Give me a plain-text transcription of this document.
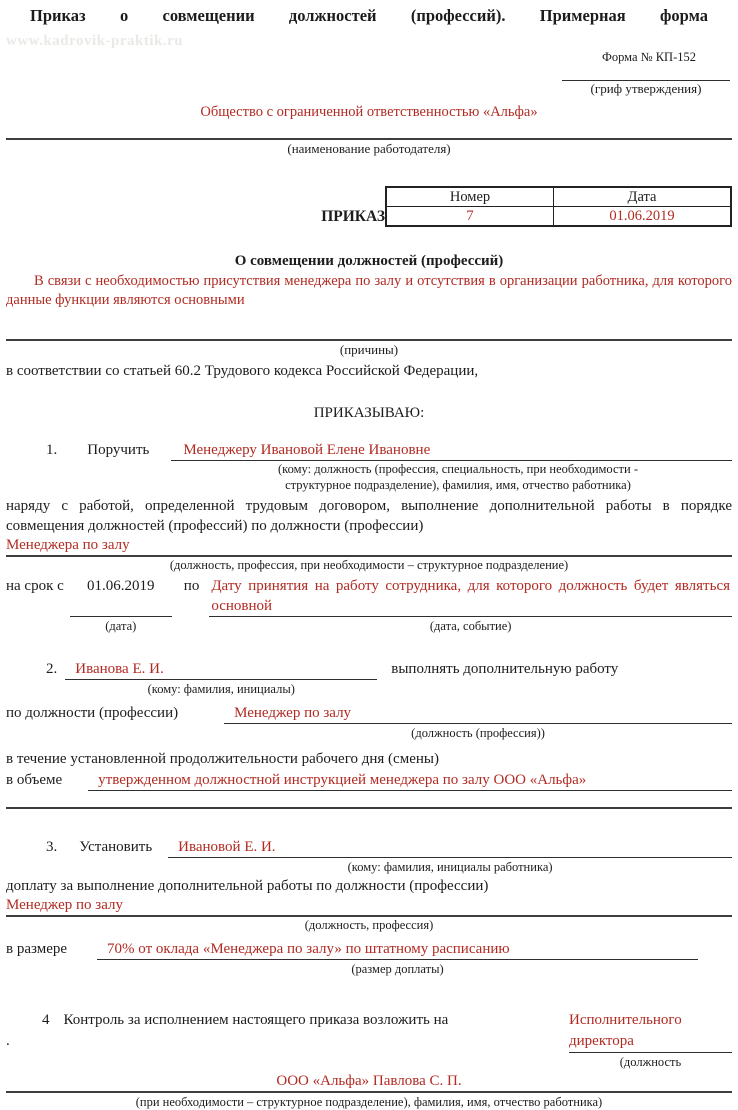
Приказ о совмещении должностей (профессий). Примерная форма
www.kadrovik-praktik.ru
Форма № КП-152
(гриф утверждения)
Общество с ограниченной ответственностью «Альфа»
(наименование работодателя)
ПРИКАЗ
Номер	Дата
7	01.06.2019
О совмещении должностей (профессий)
В связи с необходимостью присутствия менеджера по залу и отсутствия в организации работника, для которого данные функции являются основными
(причины)
в соответствии со статьей 60.2 Трудового кодекса Российской Федерации,
ПРИКАЗЫВАЮ:
1. Поручить	Менеджеру Ивановой Елене Ивановне
(кому: должность (профессия, специальность, при необходимости -
структурное подразделение), фамилия, имя, отчество работника)
наряду с работой, определенной трудовым договором, выполнение дополнительной работы в порядке совмещения должностей (профессий) по должности (профессии)
Менеджера по залу
(должность, профессия, при необходимости – структурное подразделение)
на срок с	01.06.2019
(дата)
по Дату принятия на работу сотрудника, для которого должность будет являться основной
(дата, событие)
2.	Иванова Е. И.
(кому: фамилия, инициалы)
выполнять дополнительную работу
по должности (профессии)	Менеджер по залу
(должность (профессия))
в течение установленной продолжительности рабочего дня (смены)
в объеме	утвержденном должностной инструкцией менеджера по залу ООО «Альфа»
3. Установить	Ивановой Е. И.
(кому: фамилия, инициалы работника)
доплату за выполнение дополнительной работы по должности (профессии)
Менеджер по залу
(должность, профессия)
в размере	70% от оклада «Менеджера по залу» по штатному расписанию
(размер доплаты)
4 Контроль за исполнением настоящего приказа возложить на
.
Исполнительного директора
(должность
ООО «Альфа» Павлова С. П.
(при необходимости – структурное подразделение), фамилия, имя, отчество работника)
